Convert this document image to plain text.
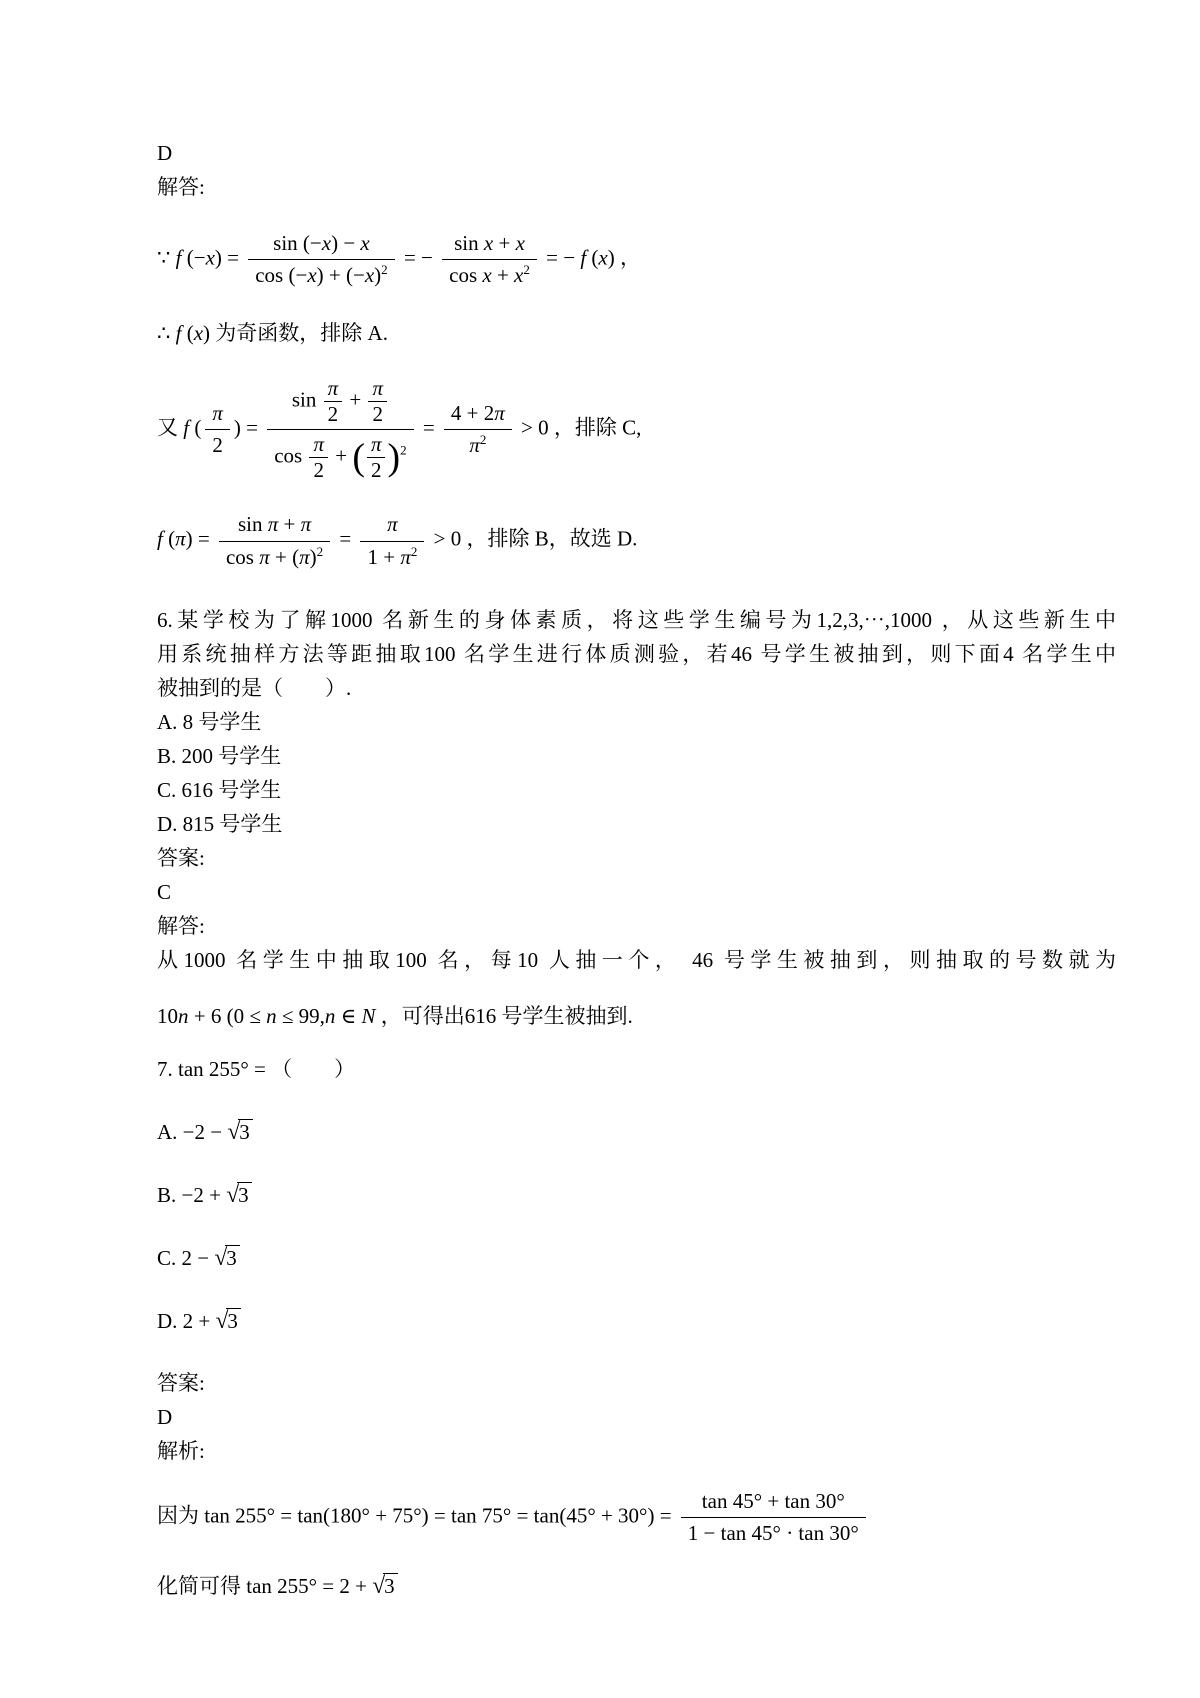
D
解答:
∵ f $(-x) = \frac{\sin (-x) - x}{\cos (-x) + (-x)^2}$ = − $\frac{\text{sin x + x}}{\cos x + x^2}$ = − f (x) ，
∴ f (x) 为奇函数，排除 A.
又 f ( $\frac{\pi}{2}$ ) = $\frac{\sin \frac{\pi}{2} + \frac{\pi}{2}}{\cos \frac{\pi}{2} + ( \frac{\pi}{2} )^2} = \frac{4 + 2\pi}{\pi^2} > 0$ ，排除 C,
f $(\pi) = \frac{\text{sin π + π}}{\cos \pi + (\pi)^2} = \frac{\pi}{1 + \pi^2} > 0$ ，排除 B，故选 D.
6.某学校为了解1000 名新生的身体素质，将这些学生编号为1,2,3,⋯,1000 ，从这些新生中
用系统抽样方法等距抽取100 名学生进行体质测验，若46 号学生被抽到，则下面4 名学生中
被抽到的是（　　）.
A. 8 号学生
B. 200 号学生
C. 616 号学生
D. 815 号学生
答案:
C
解答:
从1000 名学生中抽取100 名，每10 人抽一个， 46 号学生被抽到，则抽取的号数就为
10n + 6 (0 ≤ n ≤ 99,n ∈ N ，可得出616 号学生被抽到.
7. tan 255° = （　　）
A. −2 − √3
B. −2 + √3
C. 2 − √3
D. 2 + √3
答案:
D
解析:
因为 $\tan 255^\circ = \tan(180^\circ + 75^\circ) = \tan 75^\circ = \tan(45^\circ + 30^\circ) = \frac{\tan 45^\circ + \tan 30^\circ}{1 - \tan 45^\circ \cdot \tan 30^\circ}$
化简可得 tan 255° = 2 + √3
